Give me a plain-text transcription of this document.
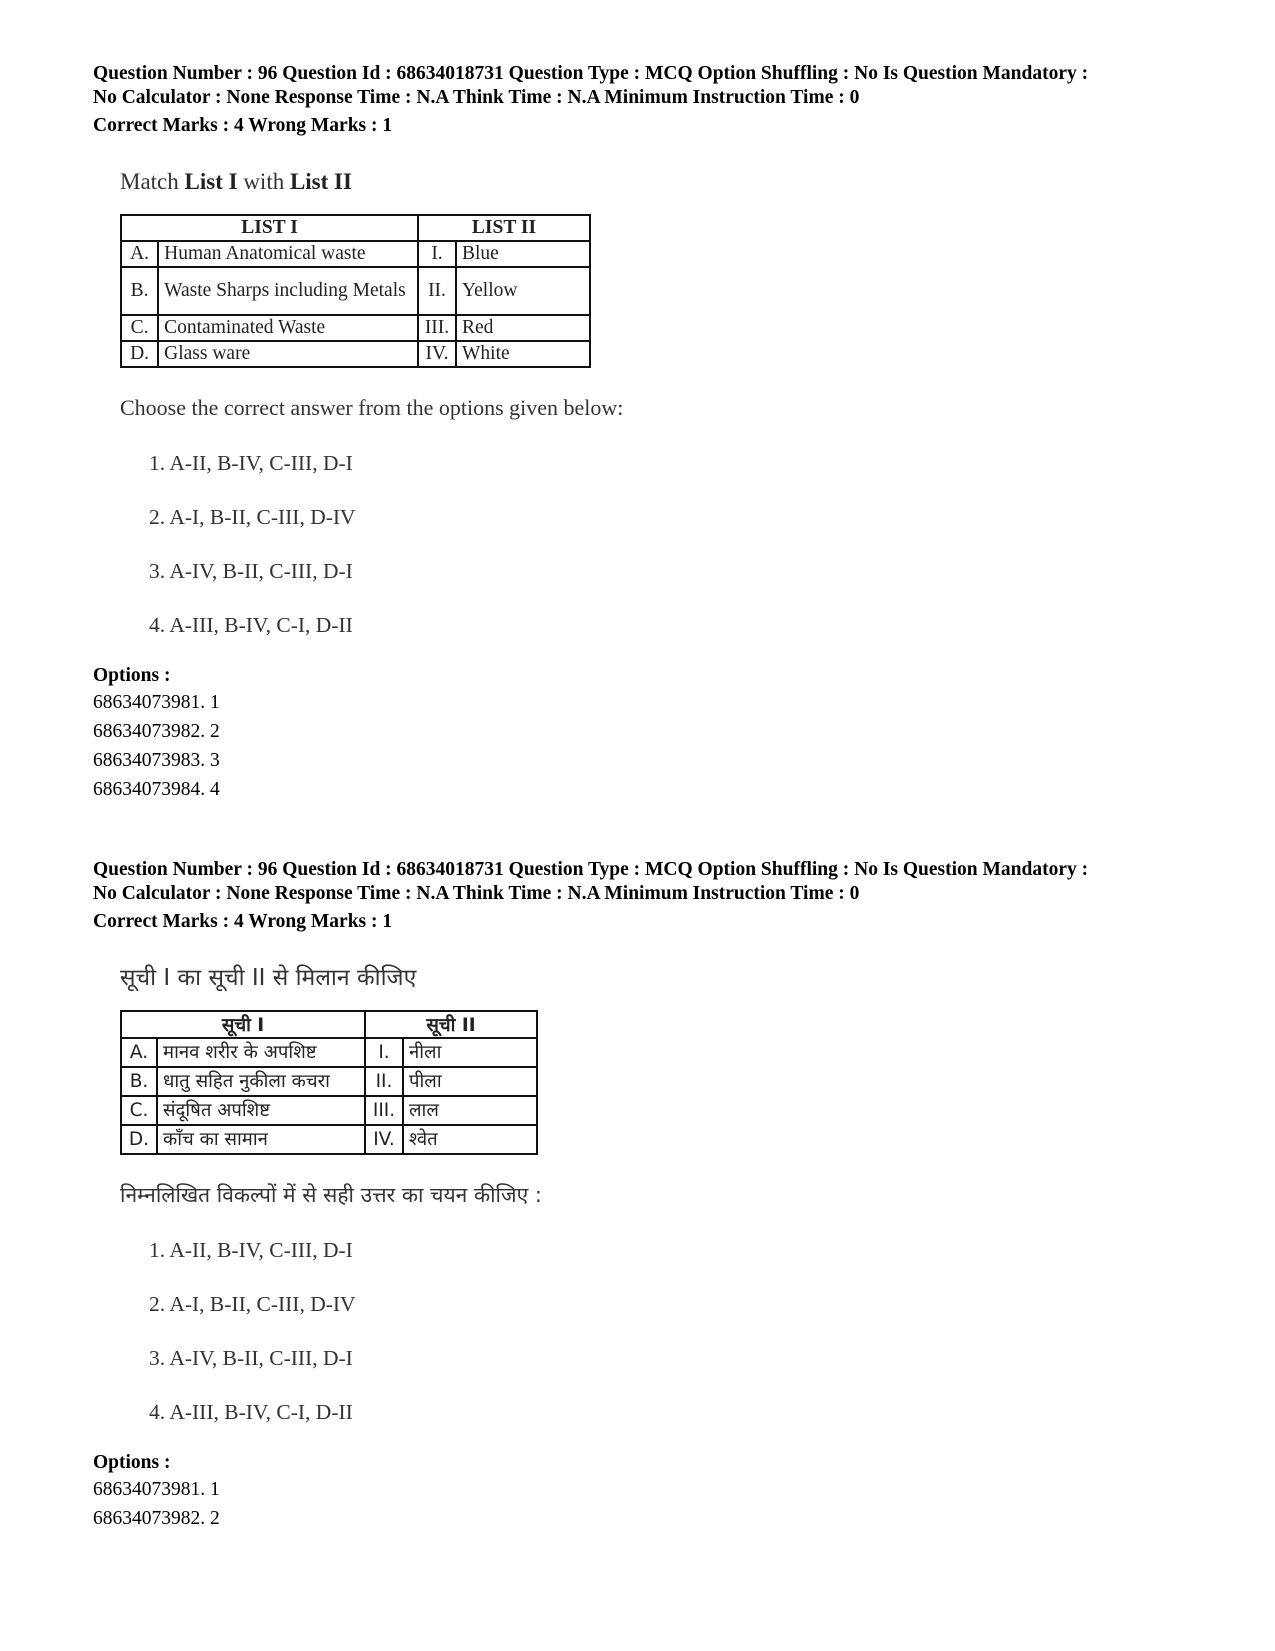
Question Number : 96 Question Id : 68634018731 Question Type : MCQ Option Shuffling : No Is Question Mandatory :

No Calculator : None Response Time : N.A Think Time : N.A Minimum Instruction Time : 0

Correct Marks : 4 Wrong Marks : 1
Match List I with List II
LIST I		LIST II	
A.	Human Anatomical waste	I.	Blue
B.	Waste Sharps including Metals	II.	Yellow
C.	Contaminated Waste	III.	Red
D.	Glass ware	IV.	White
Choose the correct answer from the options given below:
1. A-II, B-IV, C-III, D-I
2. A-I, B-II, C-III, D-IV
3. A-IV, B-II, C-III, D-I
4. A-III, B-IV, C-I, D-II
Options :
68634073981. 1
68634073982. 2
68634073983. 3
68634073984. 4

Question Number : 96 Question Id : 68634018731 Question Type : MCQ Option Shuffling : No Is Question Mandatory :

No Calculator : None Response Time : N.A Think Time : N.A Minimum Instruction Time : 0

Correct Marks : 4 Wrong Marks : 1
सूची I का सूची II से मिलान कीजिए
सूची I		सूची II	
A.	मानव शरीर के अपशिष्ट	I.	नीला
B.	धातु सहित नुकीला कचरा	II.	पीला
C.	संदूषित अपशिष्ट	III.	लाल
D.	काँच का सामान	IV.	श्वेत
निम्नलिखित विकल्पों में से सही उत्तर का चयन कीजिए :
1. A-II, B-IV, C-III, D-I
2. A-I, B-II, C-III, D-IV
3. A-IV, B-II, C-III, D-I
4. A-III, B-IV, C-I, D-II
Options :
68634073981. 1
68634073982. 2
